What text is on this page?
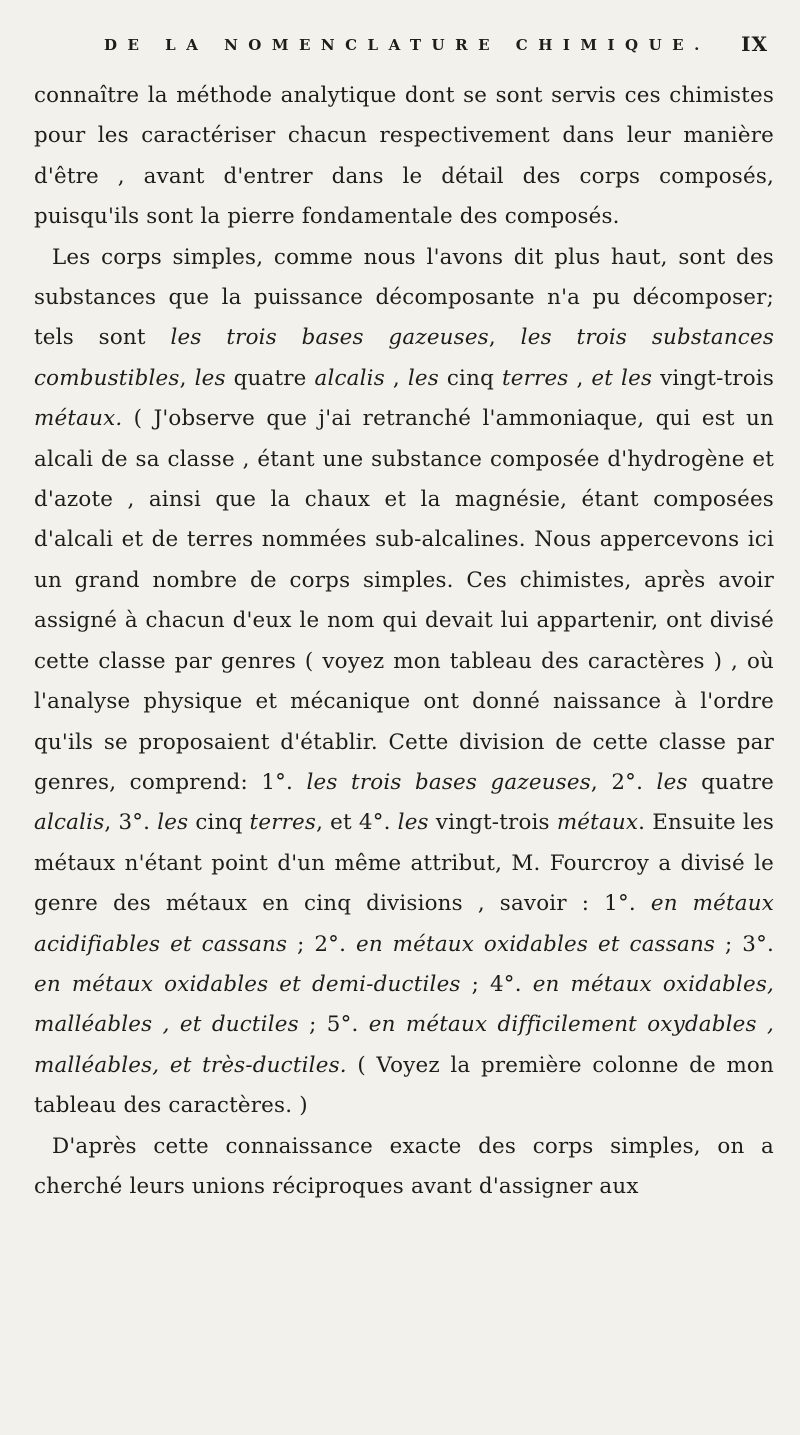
DE LA NOMENCLATURE CHIMIQUE. IX

connaître la méthode analytique dont se sont servis ces chimistes pour les caractériser chacun respectivement dans leur manière d'être , avant d'entrer dans le détail des corps composés, puisqu'ils sont la pierre fondamentale des composés.

Les corps simples, comme nous l'avons dit plus haut, sont des substances que la puissance décomposante n'a pu décomposer; tels sont les trois bases gazeuses, les trois substances combustibles, les quatre alcalis , les cinq terres , et les vingt-trois métaux. ( J'observe que j'ai retranché l'ammoniaque, qui est un alcali de sa classe , étant une substance composée d'hydrogène et d'azote , ainsi que la chaux et la magnésie, étant composées d'alcali et de terres nommées sub-alcalines. Nous appercevons ici un grand nombre de corps simples. Ces chimistes, après avoir assigné à chacun d'eux le nom qui devait lui appartenir, ont divisé cette classe par genres ( voyez mon tableau des caractères ) , où l'analyse physique et mécanique ont donné naissance à l'ordre qu'ils se proposaient d'établir. Cette division de cette classe par genres, comprend: 1°. les trois bases gazeuses, 2°. les quatre alcalis, 3°. les cinq terres, et 4°. les vingt-trois métaux. Ensuite les métaux n'étant point d'un même attribut, M. Fourcroy a divisé le genre des métaux en cinq divisions , savoir : 1°. en métaux acidifiables et cassans ; 2°. en métaux oxidables et cassans ; 3°. en métaux oxidables et demi-ductiles ; 4°. en métaux oxidables, malléables , et ductiles ; 5°. en métaux difficilement oxydables , malléables, et très-ductiles. ( Voyez la première colonne de mon tableau des caractères. )

D'après cette connaissance exacte des corps simples, on a cherché leurs unions réciproques avant d'assigner aux
